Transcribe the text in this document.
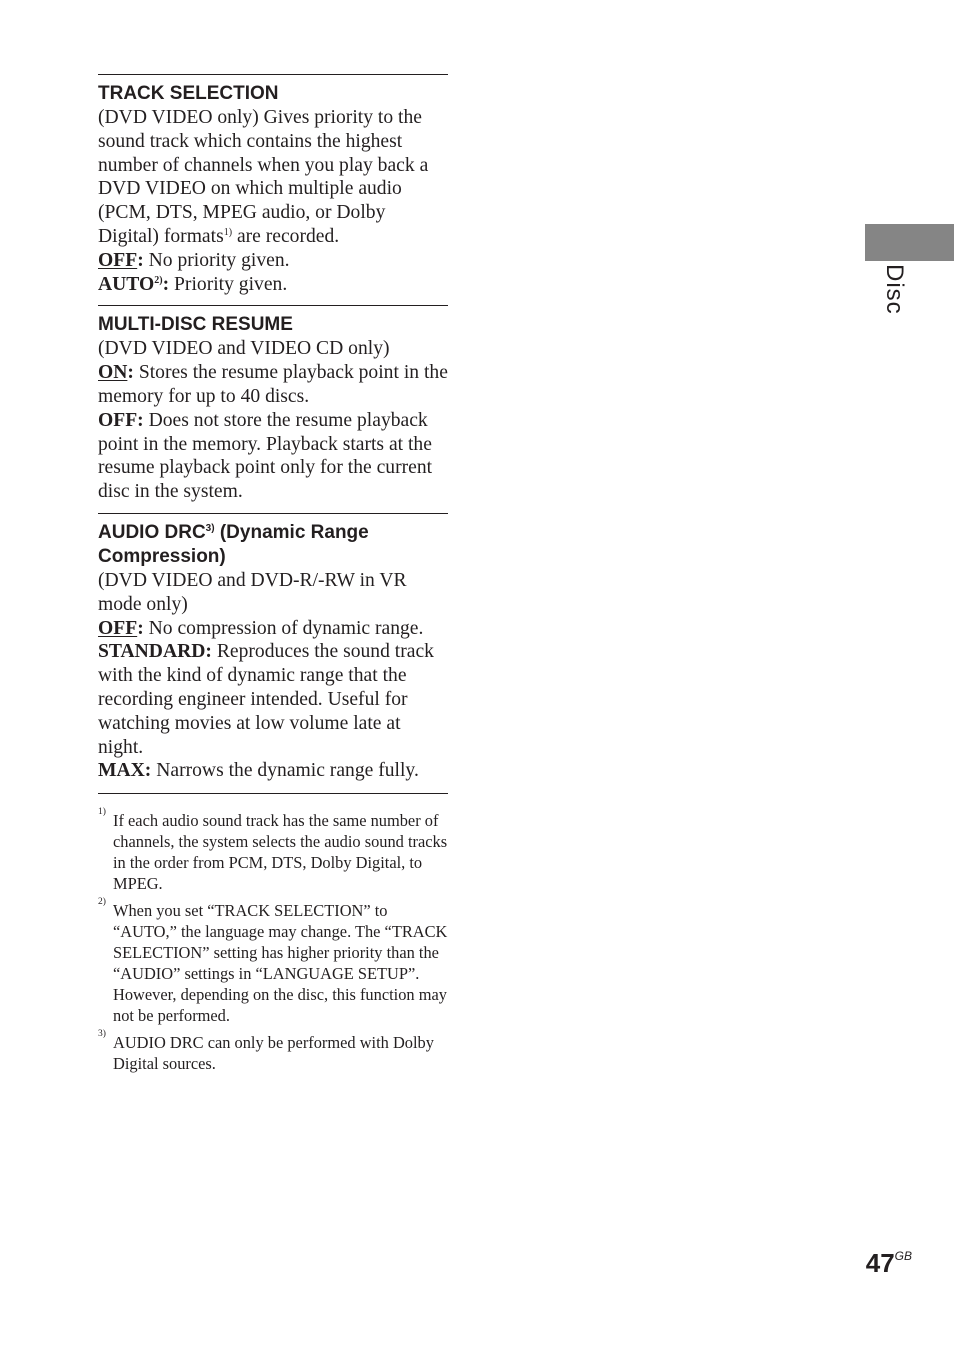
Disc

TRACK SELECTION

(DVD VIDEO only) Gives priority to the sound track which contains the highest number of channels when you play back a DVD VIDEO on which multiple audio (PCM, DTS, MPEG audio, or Dolby Digital) formats$^{1)}$ are recorded.

OFF: No priority given.

AUTO$^{2)}$: Priority given.

MULTI-DISC RESUME

(DVD VIDEO and VIDEO CD only)

ON: Stores the resume playback point in the memory for up to 40 discs.

OFF: Does not store the resume playback point in the memory. Playback starts at the resume playback point only for the current disc in the system.

AUDIO DRC$^{3)}$ (Dynamic Range Compression)

(DVD VIDEO and DVD-R/-RW in VR mode only)

OFF: No compression of dynamic range.

STANDARD: Reproduces the sound track with the kind of dynamic range that the recording engineer intended. Useful for watching movies at low volume late at night.

MAX: Narrows the dynamic range fully.

1) If each audio sound track has the same number of channels, the system selects the audio sound tracks in the order from PCM, DTS, Dolby Digital, to MPEG.
2) When you set “TRACK SELECTION” to “AUTO,” the language may change. The “TRACK SELECTION” setting has higher priority than the “AUDIO” settings in “LANGUAGE SETUP”. However, depending on the disc, this function may not be performed.
3) AUDIO DRC can only be performed with Dolby Digital sources.
$47^{GB}$
